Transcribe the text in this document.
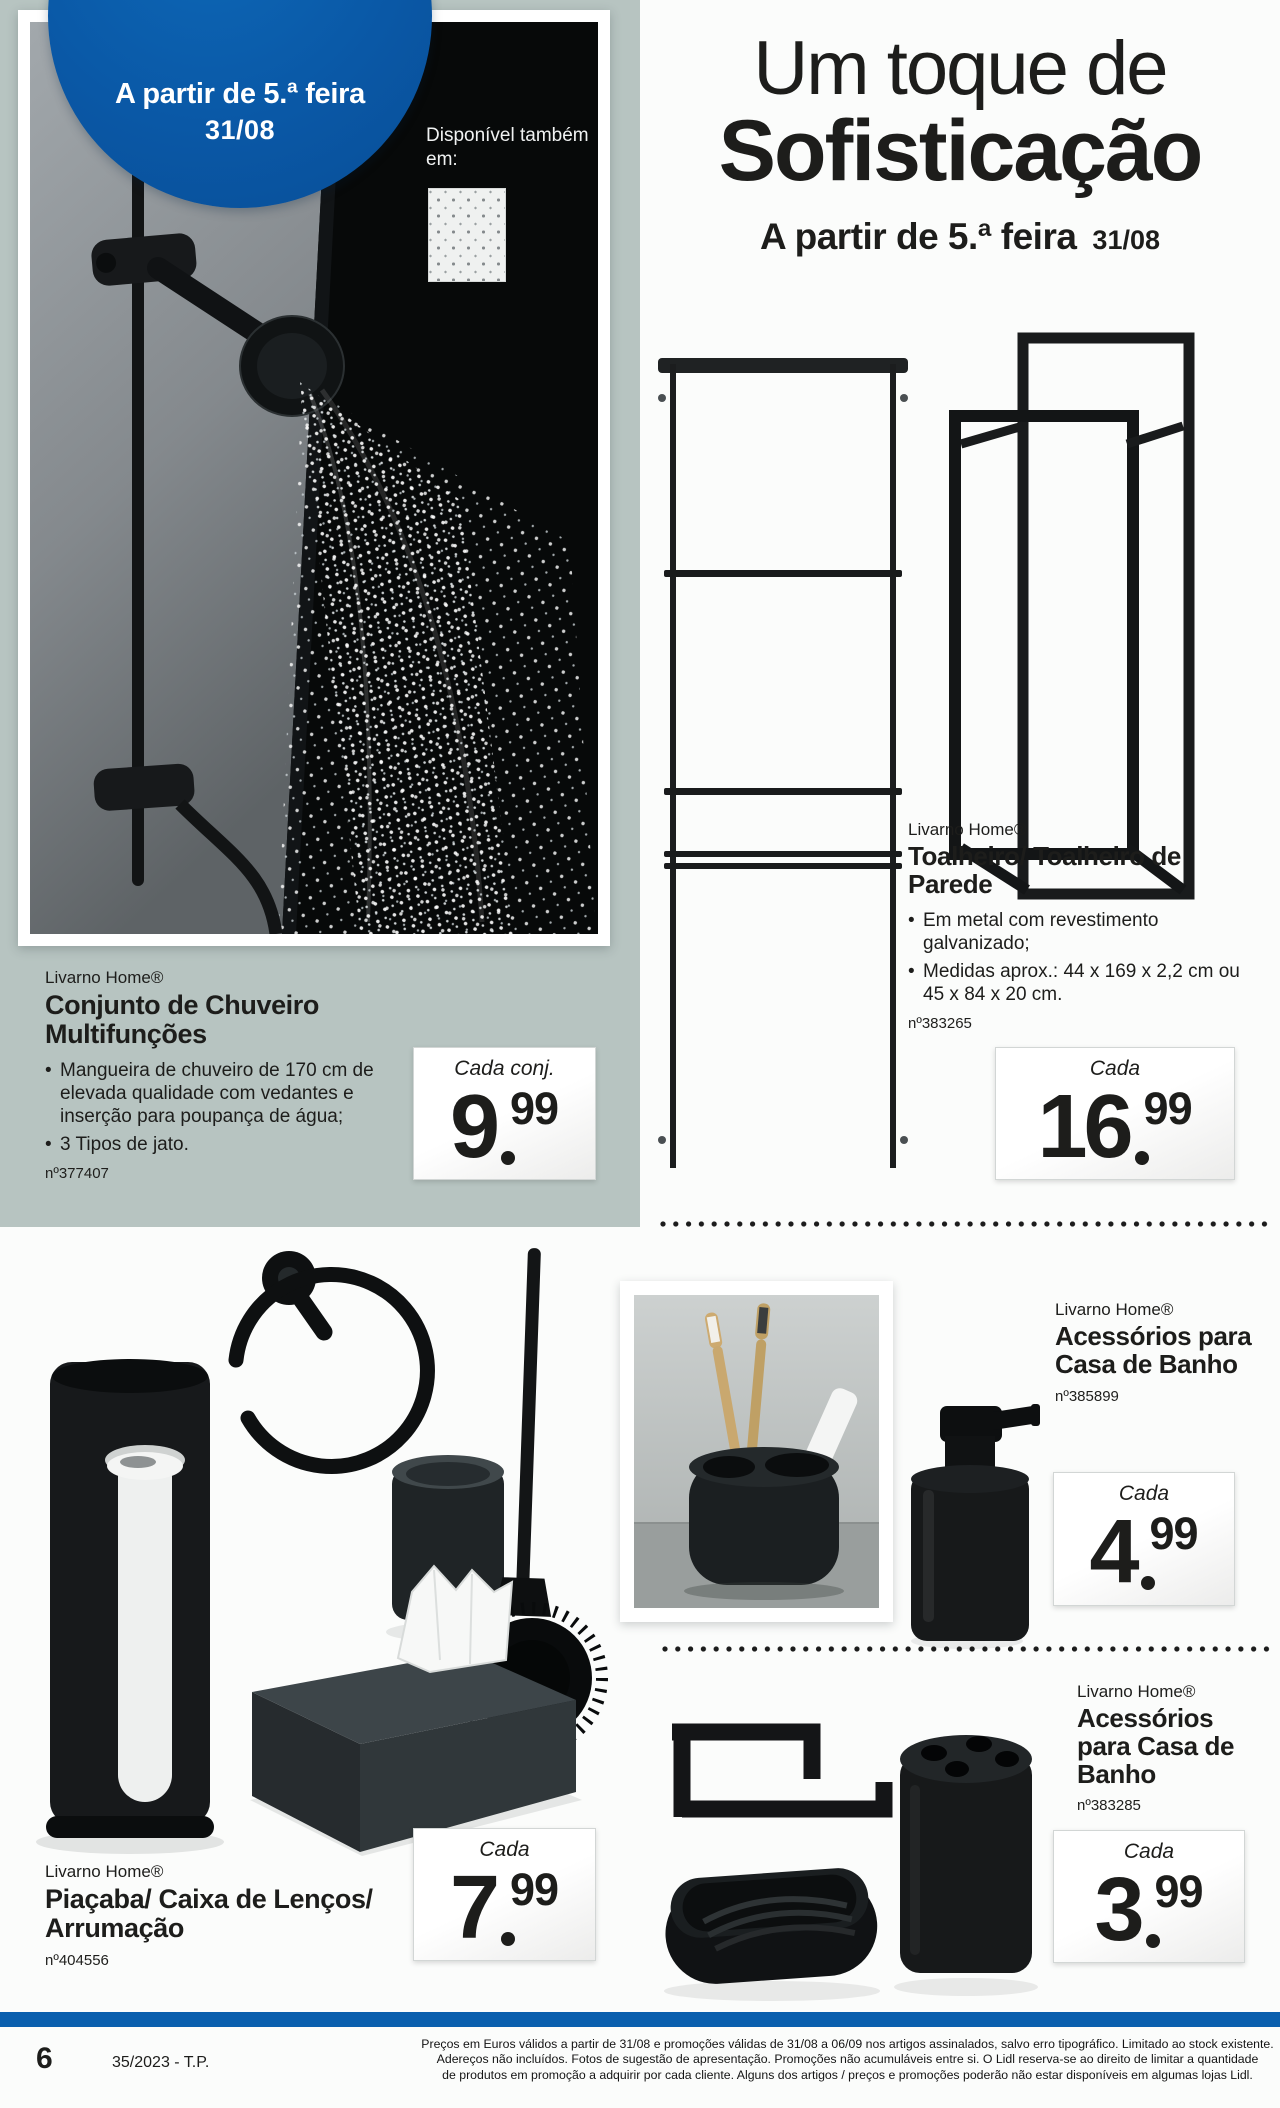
Disponível também em:
A partir de 5.ª feira
31/08
Um toque de
Sofisticação
A partir de 5.ª feira 31/08
Livarno Home®
Conjunto de Chuveiro Multifunções
• Mangueira de chuveiro de 170 cm de elevada qualidade com vedantes e inserção para poupança de água;
• 3 Tipos de jato.
nº377407
Cada conj.
9 99
Livarno Home®
Toalheiro/ Toalheiro de Parede
• Em metal com revestimento galvanizado;
• Medidas aprox.: 44 x 169 x 2,2 cm ou 45 x 84 x 20 cm.
nº383265
Cada
16 99
Livarno Home®
Acessórios para Casa de Banho
nº385899
Cada
4 99
Livarno Home®
Acessórios para Casa de Banho
nº383285
Cada
3 99
Livarno Home®
Piaçaba/ Caixa de Lenços/ Arrumação
nº404556
Cada
7 99
6	35/2023 - T.P.
Preços em Euros válidos a partir de 31/08 e promoções válidas de 31/08 a 06/09 nos artigos assinalados, salvo erro tipográfico. Limitado ao stock existente.
Adereços não incluídos. Fotos de sugestão de apresentação. Promoções não acumuláveis entre si. O Lidl reserva-se ao direito de limitar a quantidade
de produtos em promoção a adquirir por cada cliente. Alguns dos artigos / preços e promoções poderão não estar disponíveis em algumas lojas Lidl.
